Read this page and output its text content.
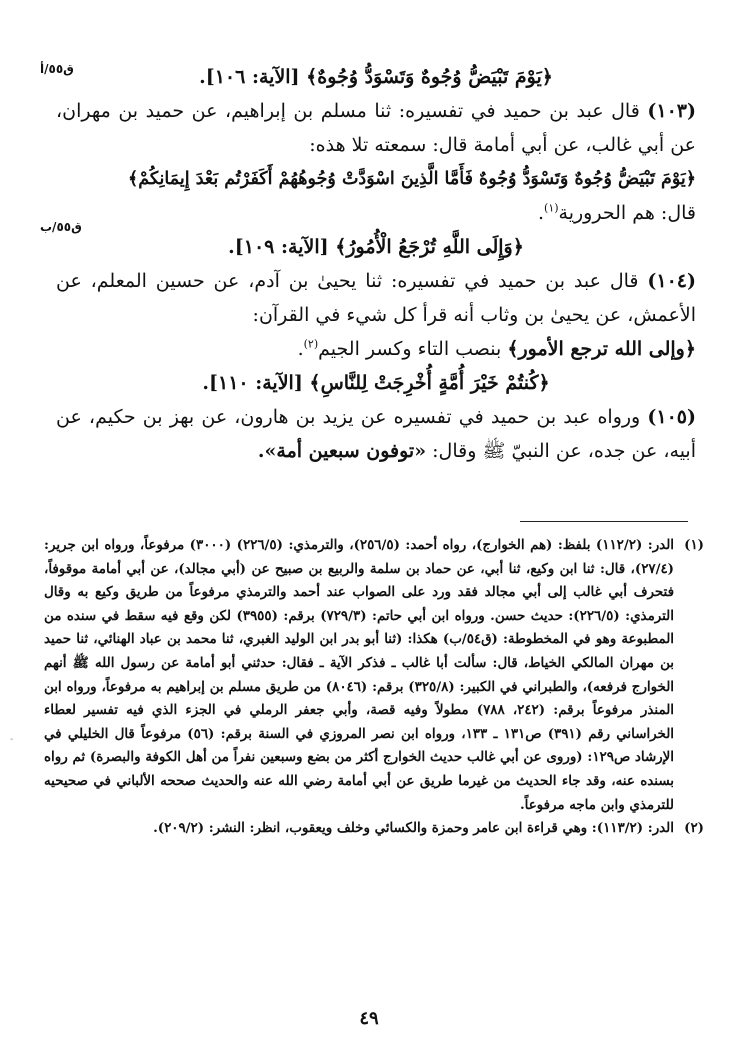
ق٥٥/أ
ق٥٥/ب

﴿يَوْمَ تَبْيَضُّ وُجُوهٌ وَتَسْوَدُّ وُجُوهٌ﴾ [الآية: ١٠٦].

(١٠٣) قال عبد بن حميد في تفسيره: ثنا مسلم بن إبراهيم، عن حميد بن مهران، عن أبي غالب، عن أبي أمامة قال: سمعته تلا هذه:

﴿يَوْمَ تَبْيَضُّ وُجُوهٌ وَتَسْوَدُّ وُجُوهٌ فَأَمَّا الَّذِينَ اسْوَدَّتْ وُجُوهُهُمْ أَكَفَرْتُم بَعْدَ إِيمَانِكُمْ﴾

قال: هم الحرورية$^{(١)}$.

﴿وَإِلَى اللَّهِ تُرْجَعُ الْأُمُورُ﴾ [الآية: ١٠٩].

(١٠٤) قال عبد بن حميد في تفسيره: ثنا يحيىٰ بن آدم، عن حسين المعلم، عن الأعمش، عن يحيىٰ بن وثاب أنه قرأ كل شيء في القرآن:

﴿وإلى الله ترجع الأمور﴾ بنصب التاء وكسر الجيم$^{(٢)}$.

﴿كُنتُمْ خَيْرَ أُمَّةٍ أُخْرِجَتْ لِلنَّاسِ﴾ [الآية: ١١٠].

(١٠٥) ورواه عبد بن حميد في تفسيره عن يزيد بن هارون، عن بهز بن حكيم، عن أبيه، عن جده، عن النبيّ ﷺ وقال: «توفون سبعين أمة».

(١)
الدر: (١١٢/٢) بلفظ: (هم الخوارج)، رواه أحمد: (٢٥٦/٥)، والترمذي: (٢٢٦/٥) (٣٠٠٠) مرفوعاً، ورواه ابن جرير: (٢٧/٤)، قال: ثنا ابن وكيع، ثنا أبي، عن حماد بن سلمة والربيع بن صبيح عن (أبي مجالد)، عن أبي أمامة موقوفاً، فتحرف أبي غالب إلى أبي مجالد فقد ورد على الصواب عند أحمد والترمذي مرفوعاً من طريق وكيع به وقال الترمذي: (٢٢٦/٥): حديث حسن. ورواه ابن أبي حاتم: (٧٢٩/٣) برقم: (٣٩٥٥) لكن وقع فيه سقط في سنده من المطبوعة وهو في المخطوطة: (ق٥٤/ب) هكذا: (ثنا أبو بدر ابن الوليد الغبري، ثنا محمد بن عباد الهنائي، ثنا حميد بن مهران المالكي الخياط، قال: سألت أبا غالب ـ فذكر الآية ـ فقال: حدثني أبو أمامة عن رسول الله ﷺ أنهم الخوارج فرفعه)، والطبراني في الكبير: (٣٢٥/٨) برقم: (٨٠٤٦) من طريق مسلم بن إبراهيم به مرفوعاً، ورواه ابن المنذر مرفوعاً برقم: (٢٤٢، ٧٨٨) مطولاً وفيه قصة، وأبي جعفر الرملي في الجزء الذي فيه تفسير لعطاء الخراساني رقم (٣٩١) ص١٣١ ـ ١٣٣، ورواه ابن نصر المروزي في السنة برقم: (٥٦) مرفوعاً قال الخليلي في الإرشاد ص١٢٩: (وروى عن أبي غالب حديث الخوارج أكثر من بضع وسبعين نفراً من أهل الكوفة والبصرة) ثم رواه بسنده عنه، وقد جاء الحديث من غيرما طريق عن أبي أمامة رضي الله عنه والحديث صححه الألباني في صحيحيه للترمذي وابن ماجه مرفوعاً.
(٢)
الدر: (١١٣/٢): وهي قراءة ابن عامر وحمزة والكسائي وخلف ويعقوب، انظر: النشر: (٢٠٩/٢).
-
٤٩
